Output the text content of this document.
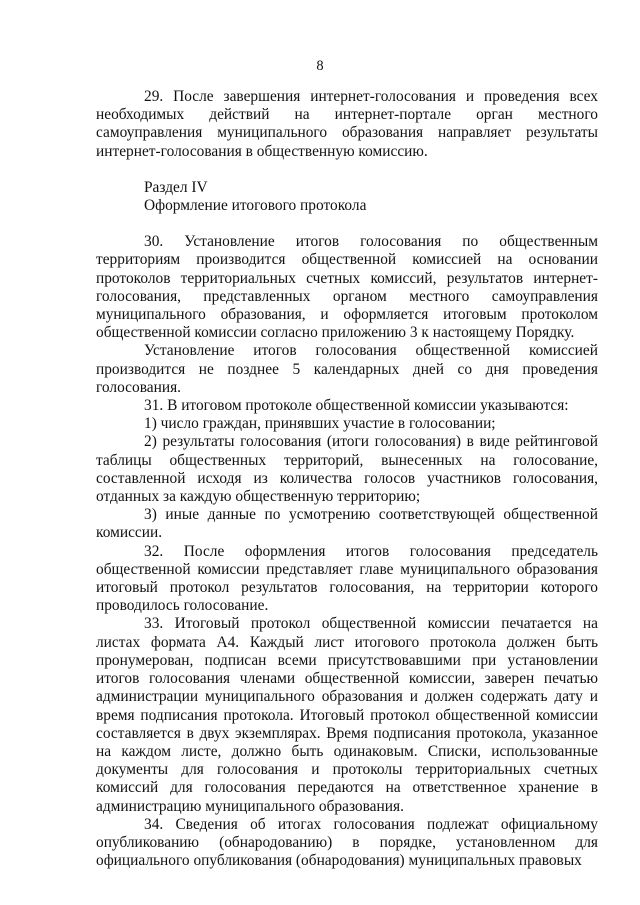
8

29. После завершения интернет-голосования и проведения всех необходимых действий на интернет-портале орган местного самоуправления муниципального образования направляет результаты интернет-голосования в общественную комиссию.

Раздел IV

Оформление итогового протокола

30. Установление итогов голосования по общественным территориям производится общественной комиссией на основании протоколов территориальных счетных комиссий, результатов интернет-голосования, представленных органом местного самоуправления муниципального образования, и оформляется итоговым протоколом общественной комиссии согласно приложению 3 к настоящему Порядку.

Установление итогов голосования общественной комиссией производится не позднее 5 календарных дней со дня проведения голосования.

31. В итоговом протоколе общественной комиссии указываются:

1) число граждан, принявших участие в голосовании;

2) результаты голосования (итоги голосования) в виде рейтинговой таблицы общественных территорий, вынесенных на голосование, составленной исходя из количества голосов участников голосования, отданных за каждую общественную территорию;

3) иные данные по усмотрению соответствующей общественной комиссии.

32. После оформления итогов голосования председатель общественной комиссии представляет главе муниципального образования итоговый протокол результатов голосования, на территории которого проводилось голосование.

33. Итоговый протокол общественной комиссии печатается на листах формата А4. Каждый лист итогового протокола должен быть пронумерован, подписан всеми присутствовавшими при установлении итогов голосования членами общественной комиссии, заверен печатью администрации муниципального образования и должен содержать дату и время подписания протокола. Итоговый протокол общественной комиссии составляется в двух экземплярах. Время подписания протокола, указанное на каждом листе, должно быть одинаковым. Списки, использованные документы для голосования и протоколы территориальных счетных комиссий для голосования передаются на ответственное хранение в администрацию муниципального образования.

34. Сведения об итогах голосования подлежат официальному опубликованию (обнародованию) в порядке, установленном для официального опубликования (обнародования) муниципальных правовых
